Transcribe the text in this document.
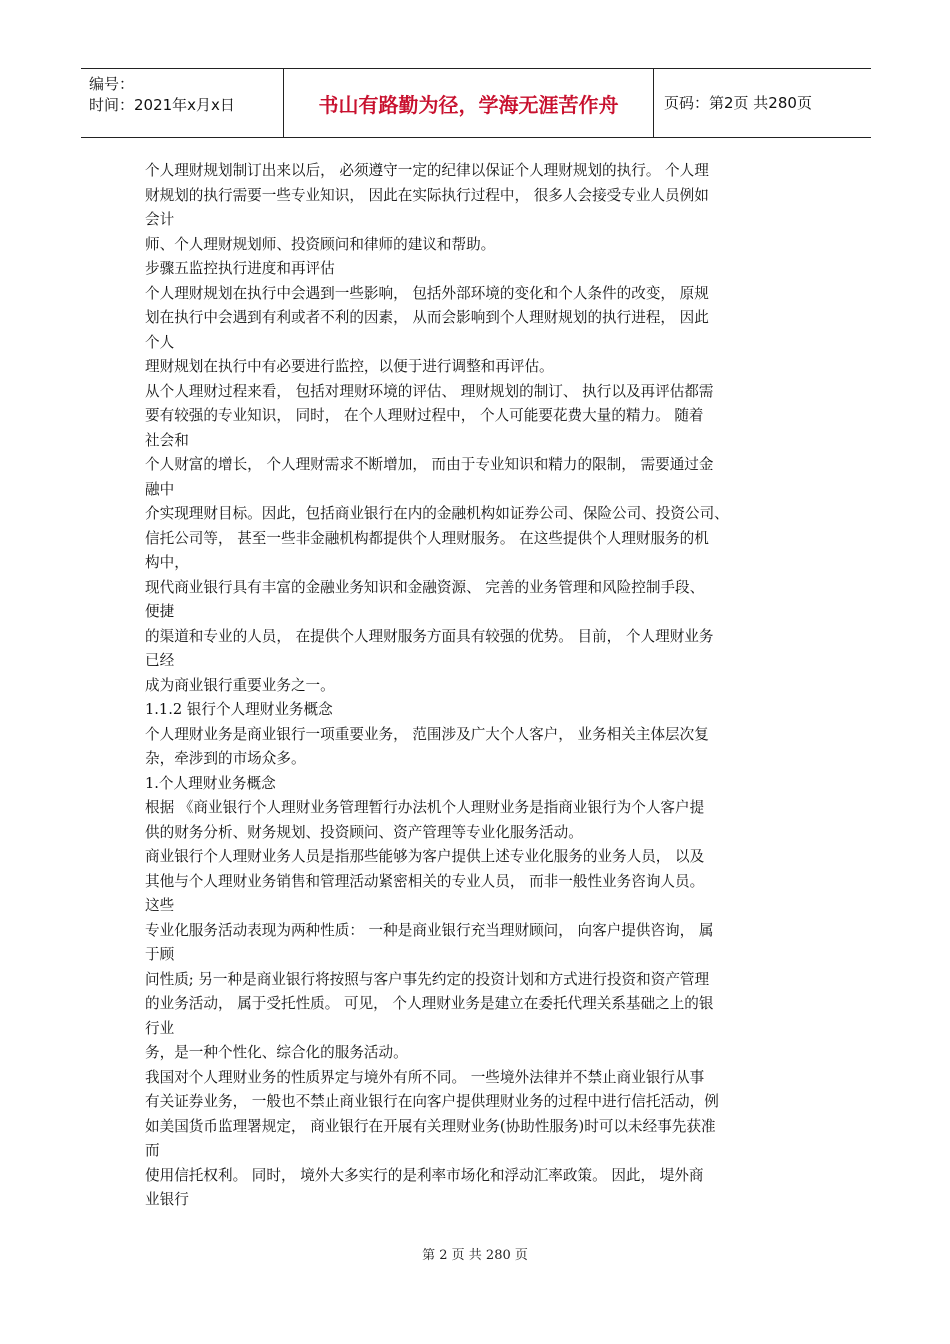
编号：
时间：2021年x月x日	书山有路勤为径，学海无涯苦作舟	页码：第2页 共280页
个人理财规划制订出来以后， 必须遵守一定的纪律以保证个人理财规划的执行。 个人理
财规划的执行需要一些专业知识， 因此在实际执行过程中， 很多人会接受专业人员例如
会计
师、个人理财规划师、投资顾问和律师的建议和帮助。
步骤五监控执行进度和再评估
个人理财规划在执行中会遇到一些影响， 包括外部环境的变化和个人条件的改变， 原规
划在执行中会遇到有利或者不利的因素， 从而会影响到个人理财规划的执行进程， 因此
个人
理财规划在执行中有必要进行监控，以便于进行调整和再评估。
从个人理财过程来看， 包括对理财环境的评估、 理财规划的制订、 执行以及再评估都需
要有较强的专业知识， 同时， 在个人理财过程中， 个人可能要花费大量的精力。 随着
社会和
个人财富的增长， 个人理财需求不断增加， 而由于专业知识和精力的限制， 需要通过金
融中
介实现理财目标。因此，包括商业银行在内的金融机构如证券公司、保险公司、投资公司、
信托公司等， 甚至一些非金融机构都提供个人理财服务。 在这些提供个人理财服务的机
构中，
现代商业银行具有丰富的金融业务知识和金融资源、 完善的业务管理和风险控制手段、
便捷
的渠道和专业的人员， 在提供个人理财服务方面具有较强的优势。 目前， 个人理财业务
已经
成为商业银行重要业务之一。
1.1.2 银行个人理财业务概念
个人理财业务是商业银行一项重要业务， 范围涉及广大个人客户， 业务相关主体层次复
杂，牵涉到的市场众多。
1.个人理财业务概念
根据 《商业银行个人理财业务管理暂行办法机个人理财业务是指商业银行为个人客户提
供的财务分析、财务规划、投资顾问、资产管理等专业化服务活动。
商业银行个人理财业务人员是指那些能够为客户提供上述专业化服务的业务人员， 以及
其他与个人理财业务销售和管理活动紧密相关的专业人员， 而非一般性业务咨询人员。
这些
专业化服务活动表现为两种性质： 一种是商业银行充当理财顾问， 向客户提供咨询， 属
于顾
问性质; 另一种是商业银行将按照与客户事先约定的投资计划和方式进行投资和资产管理
的业务活动， 属于受托性质。 可见， 个人理财业务是建立在委托代理关系基础之上的银
行业
务，是一种个性化、综合化的服务活动。
我国对个人理财业务的性质界定与境外有所不同。 一些境外法律并不禁止商业银行从事
有关证券业务， 一般也不禁止商业银行在向客户提供理财业务的过程中进行信托活动，例
如美国货币监理署规定， 商业银行在开展有关理财业务(协助性服务)时可以未经事先获准
而
使用信托权利。 同时， 境外大多实行的是利率市场化和浮动汇率政策。 因此， 堤外商
业银行
第 2 页 共 280 页
